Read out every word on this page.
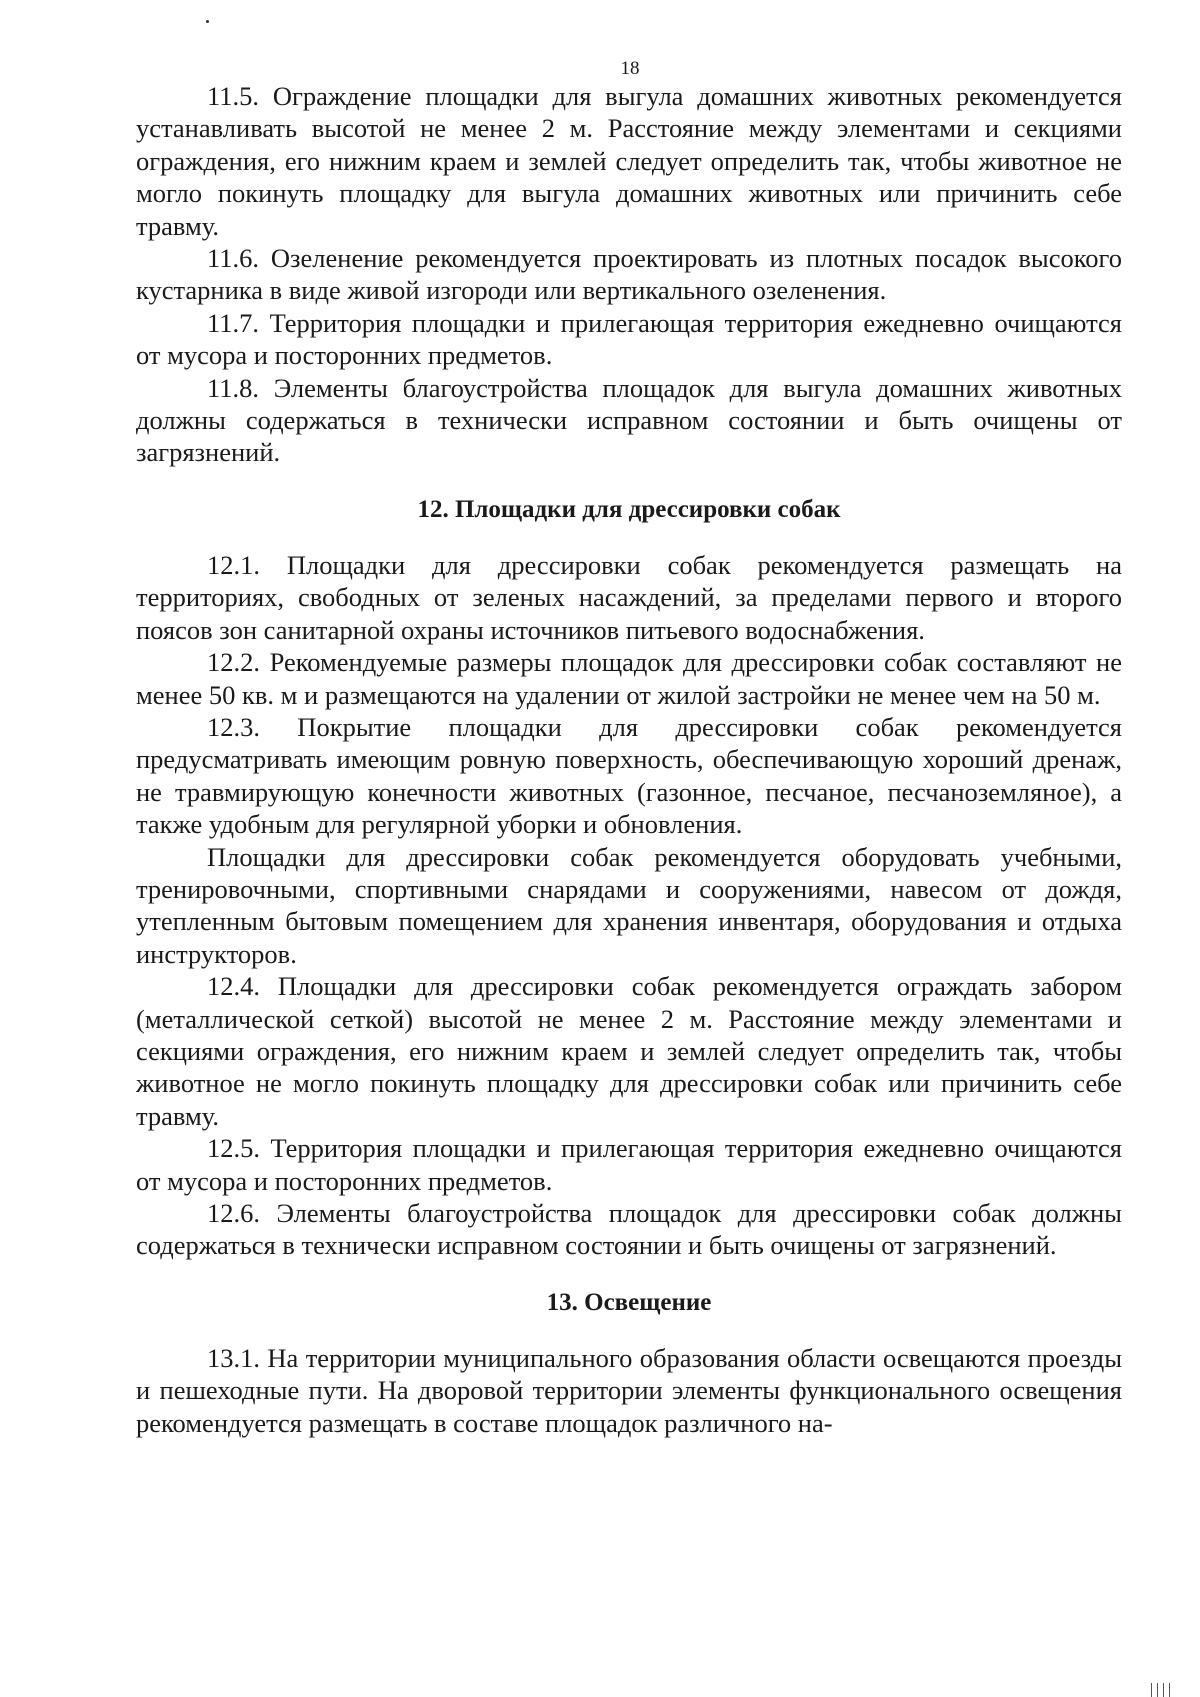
18

11.5. Ограждение площадки для выгула домашних животных рекомендуется устанавливать высотой не менее 2 м. Расстояние между элементами и секциями ограждения, его нижним краем и землей следует определить так, чтобы животное не могло покинуть площадку для выгула домашних животных или причинить себе травму.

11.6. Озеленение рекомендуется проектировать из плотных посадок высокого кустарника в виде живой изгороди или вертикального озеленения.

11.7. Территория площадки и прилегающая территория ежедневно очищаются от мусора и посторонних предметов.

11.8. Элементы благоустройства площадок для выгула домашних животных должны содержаться в технически исправном состоянии и быть очищены от загрязнений.

12. Площадки для дрессировки собак

12.1. Площадки для дрессировки собак рекомендуется размещать на территориях, свободных от зеленых насаждений, за пределами первого и второго поясов зон санитарной охраны источников питьевого водоснабжения.

12.2. Рекомендуемые размеры площадок для дрессировки собак составляют не менее 50 кв. м и размещаются на удалении от жилой застройки не менее чем на 50 м.

12.3. Покрытие площадки для дрессировки собак рекомендуется предусматривать имеющим ровную поверхность, обеспечивающую хороший дренаж, не травмирующую конечности животных (газонное, песчаное, песчаноземляное), а также удобным для регулярной уборки и обновления.

Площадки для дрессировки собак рекомендуется оборудовать учебными, тренировочными, спортивными снарядами и сооружениями, навесом от дождя, утепленным бытовым помещением для хранения инвентаря, оборудования и отдыха инструкторов.

12.4. Площадки для дрессировки собак рекомендуется ограждать забором (металлической сеткой) высотой не менее 2 м. Расстояние между элементами и секциями ограждения, его нижним краем и землей следует определить так, чтобы животное не могло покинуть площадку для дрессировки собак или причинить себе травму.

12.5. Территория площадки и прилегающая территория ежедневно очищаются от мусора и посторонних предметов.

12.6. Элементы благоустройства площадок для дрессировки собак должны содержаться в технически исправном состоянии и быть очищены от загрязнений.

13. Освещение

13.1. На территории муниципального образования области освещаются проезды и пешеходные пути. На дворовой территории элементы функционального освещения рекомендуется размещать в составе площадок различного на-
